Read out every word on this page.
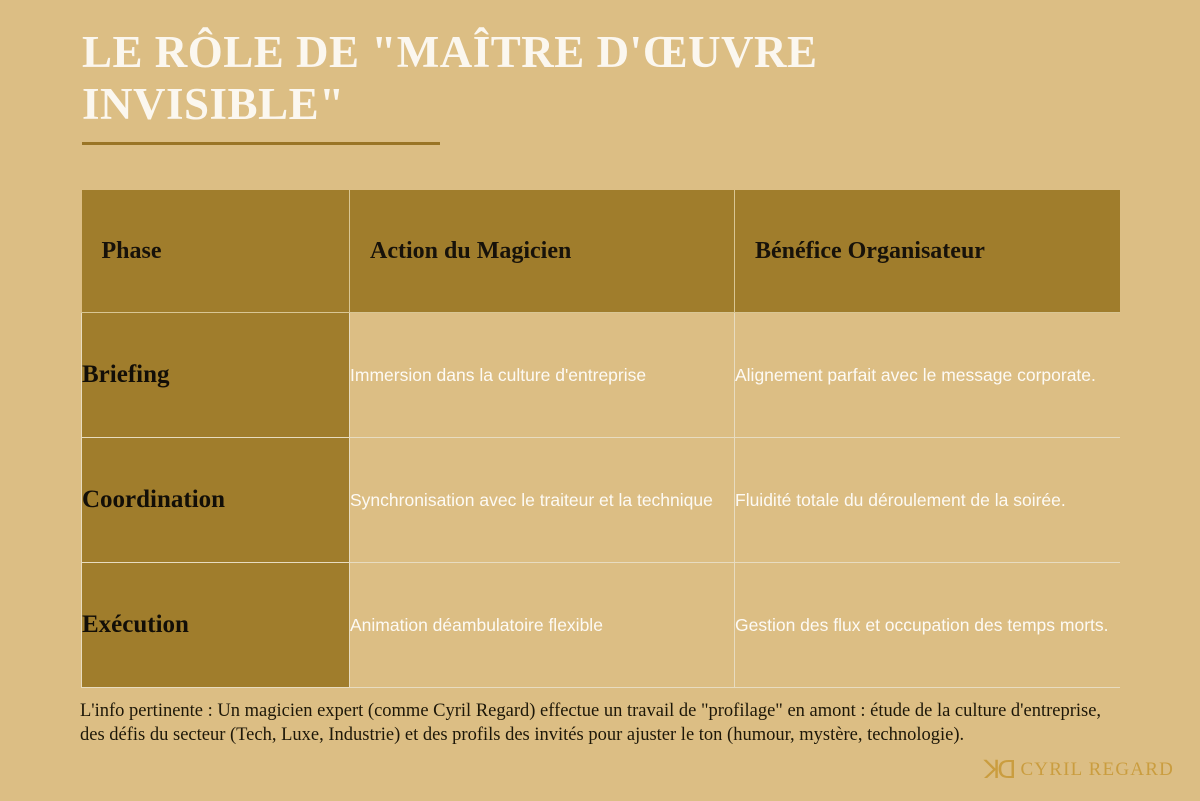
LE RÔLE DE "MAÎTRE D'ŒUVRE INVISIBLE"
Phase	Action du Magicien	Bénéfice Organisateur
Briefing	Immersion dans la culture d'entreprise	Alignement parfait avec le message corporate.
Coordination	Synchronisation avec le traiteur et la technique	Fluidité totale du déroulement de la soirée.
Exécution	Animation déambulatoire flexible	Gestion des flux et occupation des temps morts.
L'info pertinente : Un magicien expert (comme Cyril Regard) effectue un travail de "profilage" en amont : étude de la culture d'entreprise, des défis du secteur (Tech, Luxe, Industrie) et des profils des invités pour ajuster le ton (humour, mystère, technologie).
ꓘꓷ CYRIL REGARD
